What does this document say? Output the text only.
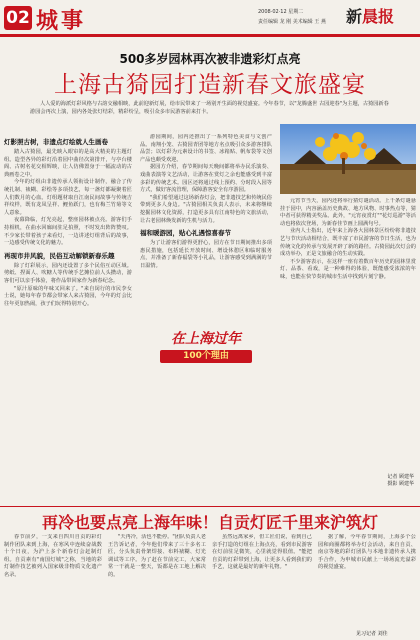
02 城事	2008·02·12 星期二
责任编辑 龙 刚 美术编辑 王 燕 新晨报
500多岁园林再次被非遗彩灯点亮
上海古猗园打造新春文旅盛宴
人人爱的海派灯彩风格与古韵交融相映，此前迎新灯展，给市民带来了一场别开生面的视觉盛宴。今年春节，以"龙腾盛世 古园迎春"为主题，古猗园新春游园会再次上演，园内各处张灯结彩，精彩纷呈，吸引众多市民游客前来打卡。
灯影照古树，非遗点灯绘就人生画卷

踏入古猗园，最先映入眼帘的是高大精美的主题灯组。造型各异的彩灯沿着园中曲径次第排开，与亭台楼阁、古树名花交相辉映，让人仿佛置身于一幅流动的古典画卷之中。

今年的灯组由非遗传承人领衔设计制作，融合了传统扎制、裱糊、彩绘等多项技艺，每一盏灯都凝聚着匠人们数月的心血。灯组题材取自江南民间故事与传统吉祥纹样，既有龙凤呈祥、鲤鱼跃门，也有梅兰竹菊等文人意象。

夜幕降临，灯光亮起，整座园林被点亮。游客们手持相机，在曲水回廊间驻足拍照，不时发出阵阵赞叹。不少家长带着孩子来看灯，一边讲述灯组背后的故事，一边感受传统文化的魅力。

再现市井风貌，民俗互动解锁新春乐趣

除了灯彩展示，园内还设置了多个民俗互动区域。剪纸、捏面人、吹糖人等传统手艺摊位前人头攒动，游客们可以亲手体验，将作品带回家作为新春纪念。

"原汁原味的年味又回来了。"来自闵行的市民李女士说，她每年春节都会带家人来古猗园，今年的灯会比往年更加热闹，孩子们玩得特别开心。

游园期间，园内还推出了一系列特色美食与文创产品。南翔小笼、古猗园青团等地方名点吸引众多游客排队品尝；以灯彩为元素设计的书签、冰箱贴、帆布袋等文创产品也颇受欢迎。

据园方介绍，春节期间每天晚间都将举办民乐演奏、戏曲表演等文艺活动，让游客在赏灯之余也能感受到丰富多彩的传统艺术。园区还将通过线上预约、分时段入园等方式，做好客流管理，保障游客安全有序游园。

"我们希望通过这场新春灯会，把非遗技艺和传统民俗带到更多人身边。"古猗园相关负责人表示，未来将继续挖掘园林文化资源，打造更多具有江南特色的文旅活动，让古老园林焕发新的生机与活力。

福和暖游园，贴心礼遇惊喜春节

为了让游客们游得更舒心，园方在节日期间推出多项惠民措施，包括延长开放时间、增设休憩区和临时服务点，并准备了新春福袋等小礼品，让游客感受到满满的节日温情。

元宵节当天，园内还将举行猜灯谜活动。上千条灯谜悬挂于园中，内容涵盖历史典故、地方风物、时事热点等，猜中者可获得精美奖品。此外，"元宵夜赏灯""花灯巡游"等活动也将依次登场，为新春佳节画上圆满句号。

业内人士指出，近年来上海各大园林景区纷纷将非遗技艺与节庆活动相结合，既丰富了市民游客的节日生活，也为传统文化的传承与发展开辟了新的路径。古猗园此次灯会的成功举办，正是文旅融合的生动实践。

不少游客表示，在这样一座有着数百年历史的园林里赏灯、品茶、看戏，是一种难得的体验，既能感受浓浓的年味，也能在快节奏的城市生活中找到片刻宁静。

在上海过年
100个理由
记者 顾建华
摄影 顾建华
再冷也要点亮上海年味！自贡灯匠千里来沪筑灯

春节前夕，一支来自四川自贡的彩灯制作团队来到上海，在寒风中连续奋战数十个日夜，为沪上多个新春灯会赶制灯组。自贡素有"南国灯城"之称，当地的彩灯制作技艺被列入国家级非物质文化遗产名录。

"天再冷，活也不能停。"团队负责人老王告诉记者，今年他们带来了三十多名工匠，分头负责骨架焊接、布料裱糊、灯光调试等工序。为了赶在节前完工，大家常常一干就是一整天，饭都是在工地上解决的。

虽然远离家乡，但工匠们说，看到自己亲手打造的灯组在上海点亮，看到市民游客在灯前驻足微笑，心里就觉得很值。"能把自贡的灯彩带到上海，让更多人看到我们的手艺，这就是最好的新年礼物。"

据了解，今年春节期间，上海多个公园和商圈都将举办灯会活动，来自自贡、南京等地的彩灯团队与本地非遗传承人携手合作，为申城市民献上一场场流光溢彩的视觉盛宴。

见习记者 刘佳
